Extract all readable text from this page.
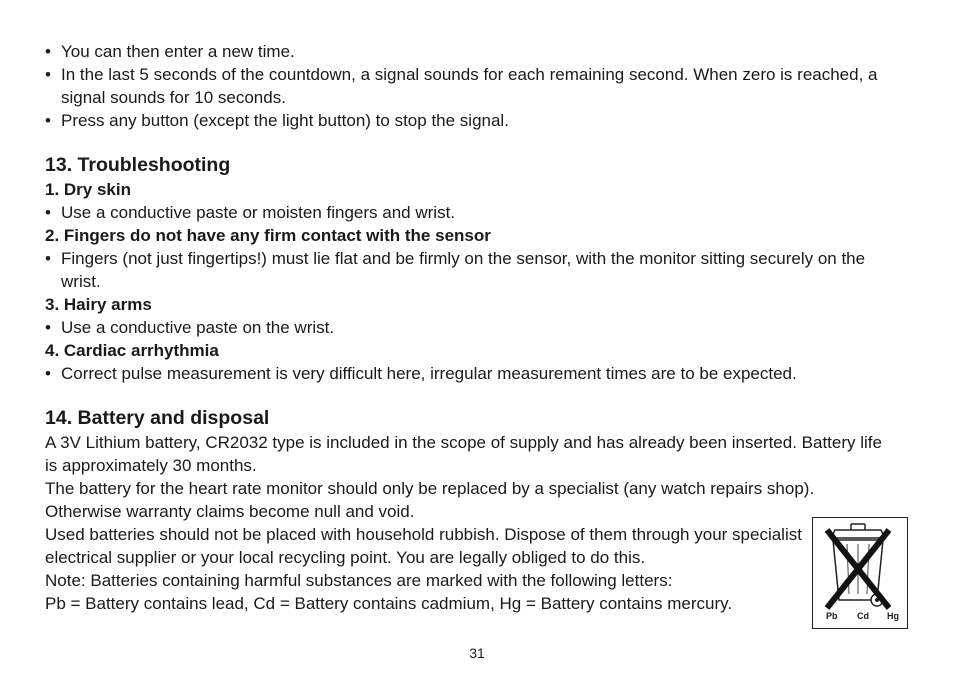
• You can then enter a new time.
• In the last 5 seconds of the countdown, a signal sounds for each remaining second. When zero is reached, a signal sounds for 10 seconds.
• Press any button (except the light button) to stop the signal.
13. Troubleshooting
1. Dry skin
• Use a conductive paste or moisten fingers and wrist.
2. Fingers do not have any firm contact with the sensor
• Fingers (not just fingertips!) must lie flat and be firmly on the sensor, with the monitor sitting securely on the wrist.
3. Hairy arms
• Use a conductive paste on the wrist.
4. Cardiac arrhythmia
• Correct pulse measurement is very difficult here, irregular measurement times are to be expected.
14. Battery and disposal

A 3V Lithium battery, CR2032 type is included in the scope of supply and has already been inserted. Battery life is approximately 30 months.

The battery for the heart rate monitor should only be replaced by a specialist (any watch repairs shop). Otherwise warranty claims become null and void.

Used batteries should not be placed with household rubbish. Dispose of them through your specialist electrical supplier or your local recycling point. You are legally obliged to do this.

Note: Batteries containing harmful substances are marked with the following letters:

Pb = Battery contains lead, Cd = Battery contains cadmium, Hg = Battery contains mercury.

Pb Cd Hg
31
